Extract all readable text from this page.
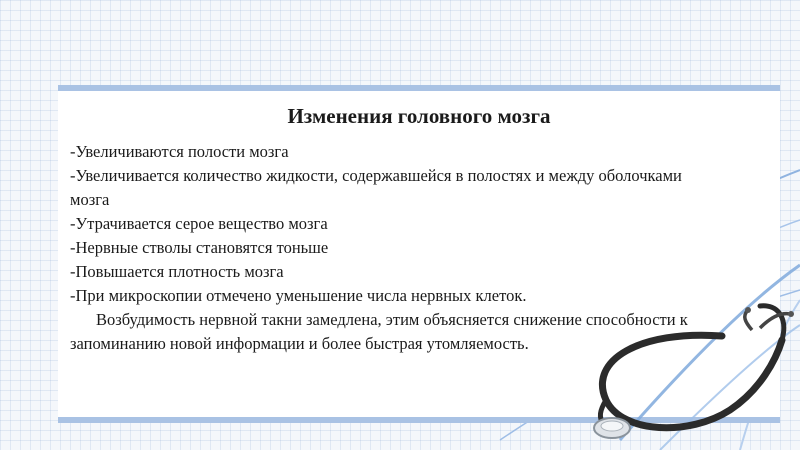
Изменения головного мозга

-Увеличиваются полости мозга

-Увеличивается количество жидкости, содержавшейся в полостях и между оболочками мозга

-Утрачивается серое вещество мозга

-Нервные стволы становятся тоньше

-Повышается плотность мозга

-При микроскопии отмечено уменьшение числа нервных клеток.

Возбудимость нервной такни замедлена, этим объясняется снижение способности к запоминанию новой информации и более быстрая утомляемость.
